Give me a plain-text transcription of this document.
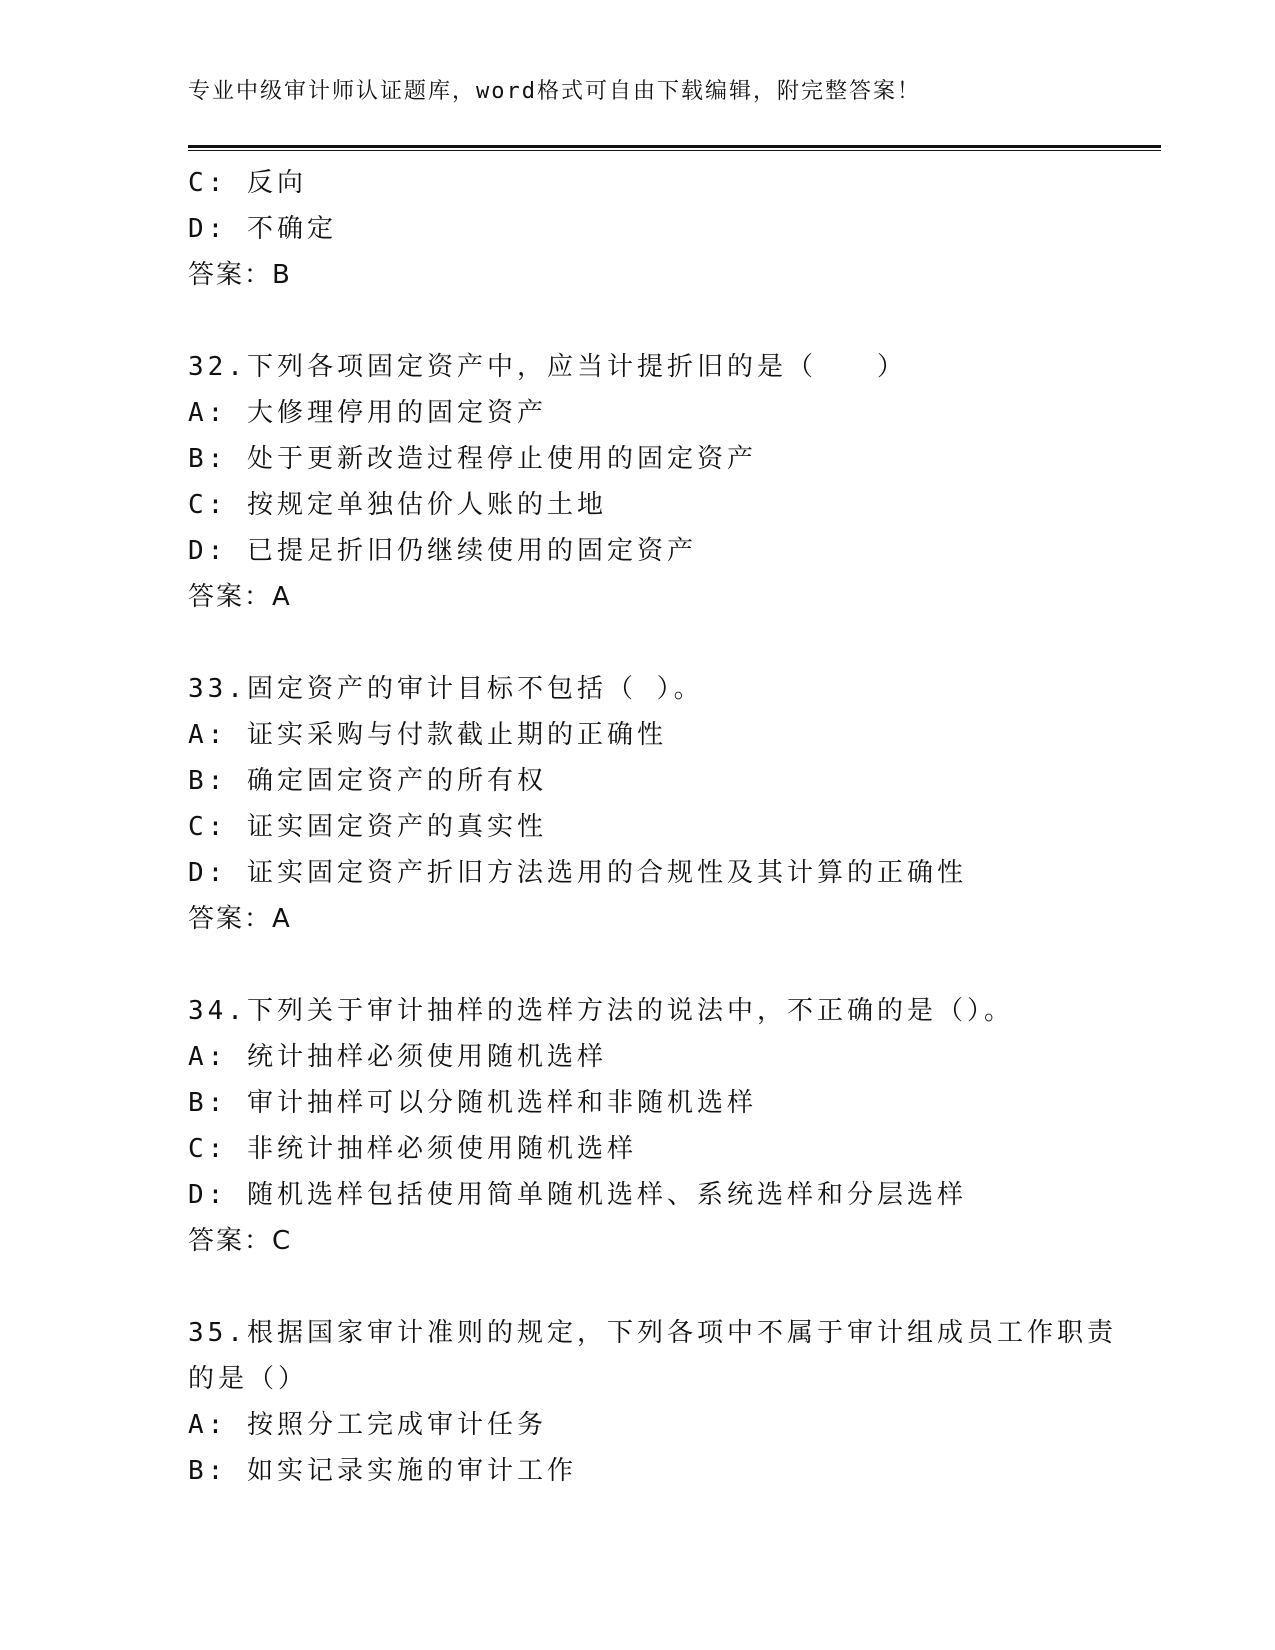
专业中级审计师认证题库，word格式可自由下载编辑，附完整答案！
C: 反向
D: 不确定
答案：B
32.下列各项固定资产中，应当计提折旧的是（　　）
A: 大修理停用的固定资产
B: 处于更新改造过程停止使用的固定资产
C: 按规定单独估价人账的土地
D: 已提足折旧仍继续使用的固定资产
答案：A
33.固定资产的审计目标不包括（ ）。
A: 证实采购与付款截止期的正确性
B: 确定固定资产的所有权
C: 证实固定资产的真实性
D: 证实固定资产折旧方法选用的合规性及其计算的正确性
答案：A
34.下列关于审计抽样的选样方法的说法中，不正确的是（）。
A: 统计抽样必须使用随机选样
B: 审计抽样可以分随机选样和非随机选样
C: 非统计抽样必须使用随机选样
D: 随机选样包括使用简单随机选样、系统选样和分层选样
答案：C
35.根据国家审计准则的规定，下列各项中不属于审计组成员工作职责
的是（）
A: 按照分工完成审计任务
B: 如实记录实施的审计工作
